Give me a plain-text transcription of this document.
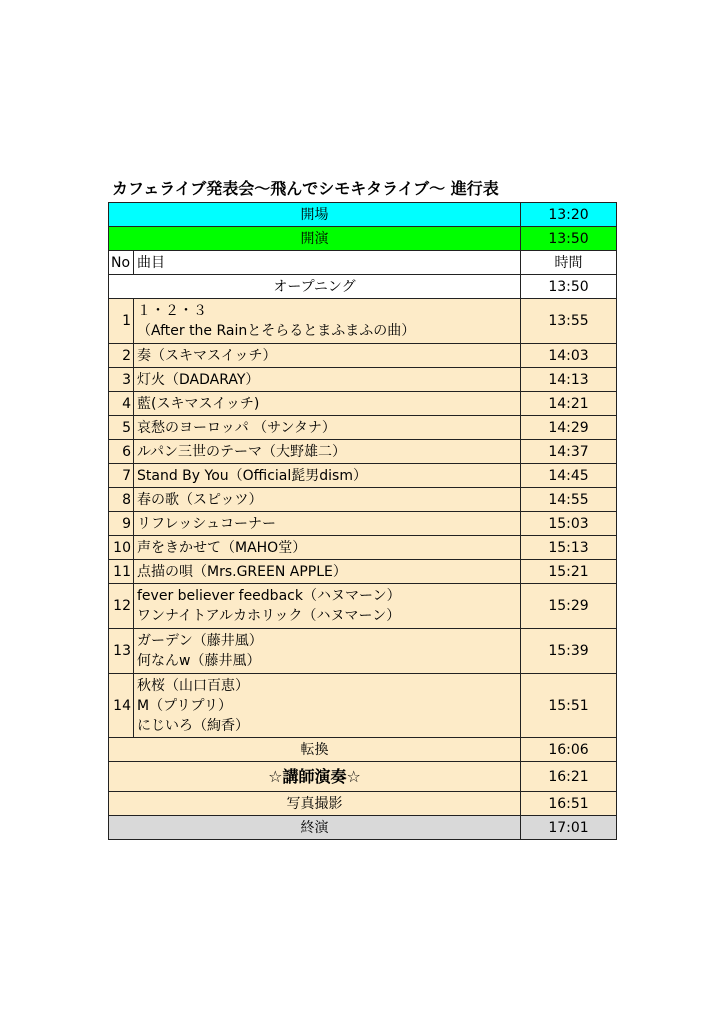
カフェライブ発表会〜飛んでシモキタライブ〜 進行表
開場		13:20
開演		13:50
No	曲目	時間
オープニング		13:50
1	１・２・３
（After the Rainとそらるとまふまふの曲）	13:55
2	奏（スキマスイッチ）	14:03
3	灯火（DADARAY）	14:13
4	藍(スキマスイッチ)	14:21
5	哀愁のヨーロッパ （サンタナ）	14:29
6	ルパン三世のテーマ（大野雄二）	14:37
7	Stand By You（Official髭男dism）	14:45
8	春の歌（スピッツ）	14:55
9	リフレッシュコーナー	15:03
10	声をきかせて（MAHO堂）	15:13
11	点描の唄（Mrs.GREEN APPLE）	15:21
12	fever believer feedback（ハヌマーン）
ワンナイトアルカホリック（ハヌマーン）	15:29
13	ガーデン（藤井風）
何なんw（藤井風）	15:39
14	秋桜（山口百恵）
M（プリプリ）
にじいろ（絢香）	15:51
転換		16:06
☆講師演奏☆		16:21
写真撮影		16:51
終演		17:01
